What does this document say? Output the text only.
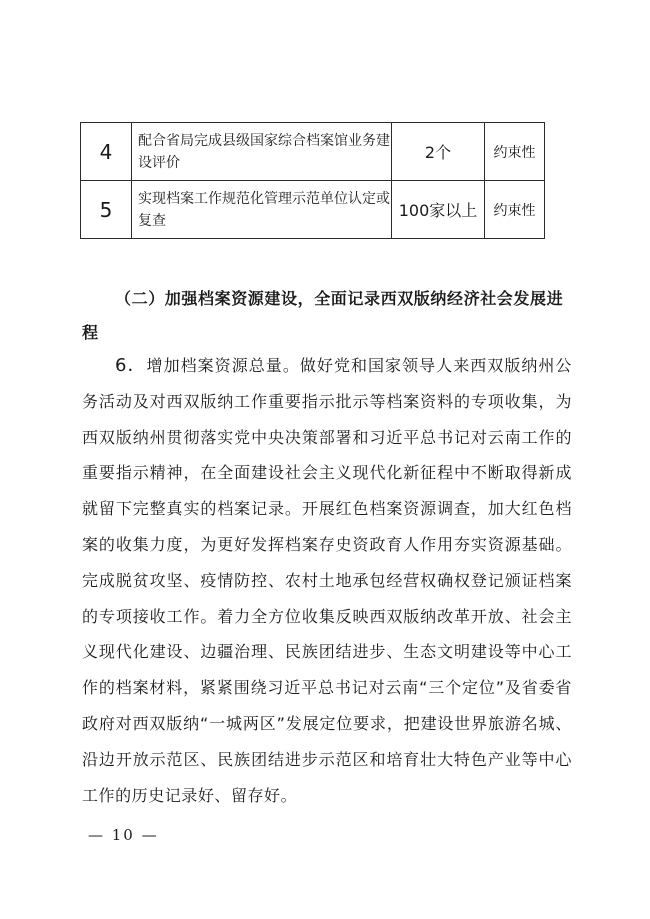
4	配合省局完成县级国家综合档案馆业务建设评价	2个	约束性
5	实现档案工作规范化管理示范单位认定或复查	100家以上	约束性

（二）加强档案资源建设，全面记录西双版纳经济社会发展进程

6．增加档案资源总量。做好党和国家领导人来西双版纳州公务活动及对西双版纳工作重要指示批示等档案资料的专项收集，为西双版纳州贯彻落实党中央决策部署和习近平总书记对云南工作的重要指示精神，在全面建设社会主义现代化新征程中不断取得新成就留下完整真实的档案记录。开展红色档案资源调查，加大红色档案的收集力度，为更好发挥档案存史资政育人作用夯实资源基础。完成脱贫攻坚、疫情防控、农村土地承包经营权确权登记颁证档案的专项接收工作。着力全方位收集反映西双版纳改革开放、社会主义现代化建设、边疆治理、民族团结进步、生态文明建设等中心工作的档案材料，紧紧围绕习近平总书记对云南“三个定位”及省委省政府对西双版纳“一城两区”发展定位要求，把建设世界旅游名城、沿边开放示范区、民族团结进步示范区和培育壮大特色产业等中心工作的历史记录好、留存好。

— 10 —
